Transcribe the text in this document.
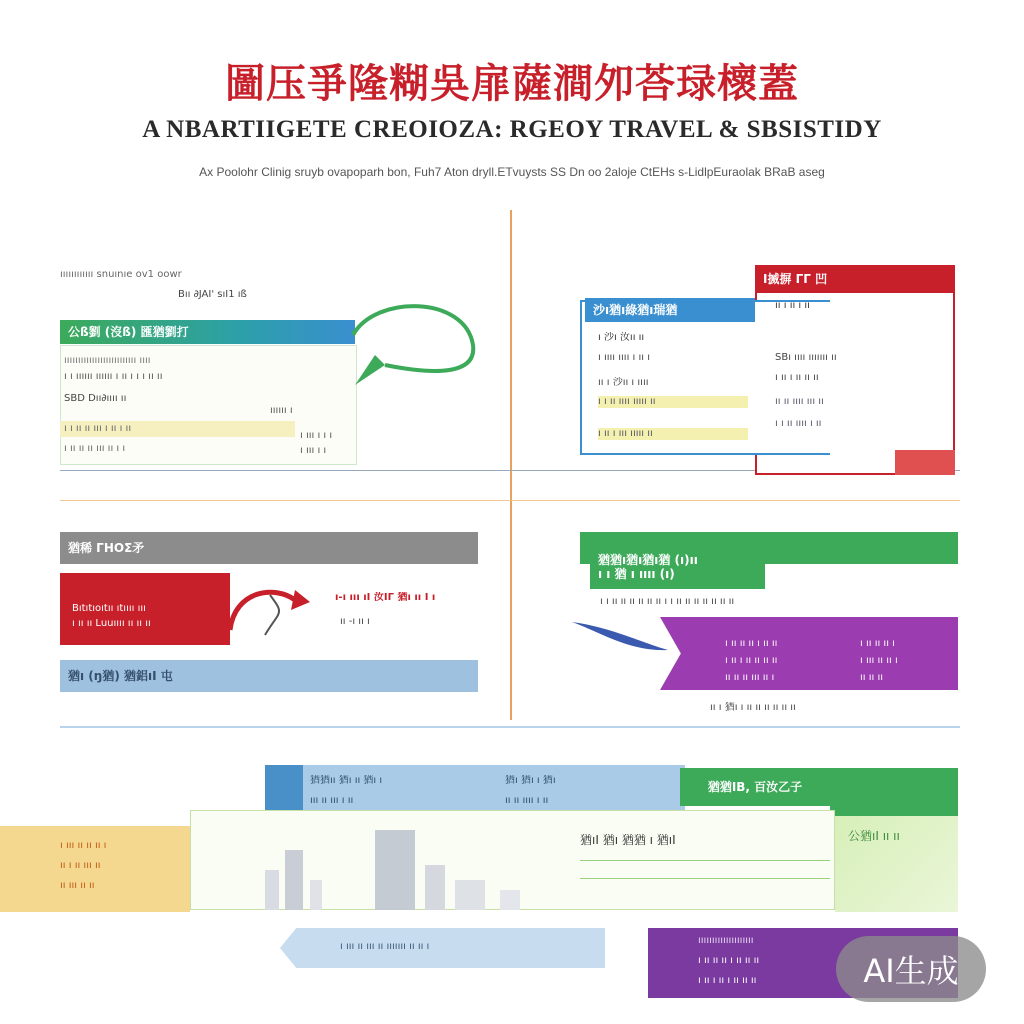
圖压爭隆糊吳扉薩澗夘荅琭櫰蓋
A NBARTIIGETE CREOIOZA: RGEOY TRAVEL & SBSISTIDY
Ax Poolohr Clinig sruyb ovapoparh bon, Fuh7 Aton dryll.ETvuysts SS Dn oo 2aloje CtEHs s-LidlpEuraolak BRaB aseg
ıııııııııııı snuınıe ov1 oowr
Bıı ∂JAI' sıI1 ıß
公ß劉 (沒ß) 匯猶劉打
ıııııııııııııııııııııııııı ıııı
ı ı ıııııı ıııııı ı ıı ı ı ı ıı ıı
SBD Dıı∂ıııı ıı
ı ı ıı ıı ııı ı ıı ı ıı
ı ıı ıı ıı ııı ıı ı ı
ıııııı ı
ı ııı ı ı ı
ı ııı ı ı
I揻摒 ΓΓ 凹
沙ı猶ı綠猶ı瑞猶
ı 沙ı 汝ıı ıı
ı ıııı ıııı ı ıı ı
ıı ı 沙ıı ı ıııı
ı ı ıı ıııı ııııı ıı
ı ıı ı ııı ııııı ıı
ıı ı ıı ı ıı
SBı ıııı ııııııı ıı
ı ıı ı ıı ıı ıı
ıı ıı ıııı ııı ıı
ı ı ıı ıııı ı ıı
猶稀 ΓΗΟΣ矛
Bıtıtıoıtıı ıtıııı ııı
ı ıı ıı Luuıııı ıı ıı ıı
ı-ı ııı ıI 汝IΓ 猶ı ıı I ı
ıı -ı ıı ı
猶ı (ŋ猶) 猶鋁ıI 屯
猶猶ı猶ı猶ı猶 (ı)ıı
ı ı 猶 ı ıııı (ı)
ı ı ıı ıı ıı ıı ıı ıı ı ı ıı ıı ıı ıı ıı ıı ıı
ı ıı ıı ıı ı ıı ıı
ı ıı ı ıı ıı ıı ıı
ıı ıı ıı ııı ıı ı
ı ıı ıı ıı ı
ı ııı ıı ıı ı
ıı ıı ıı
ıı ı 猶ı ı ıı ıı ıı ıı ıı ıı
猶猶ıı 猶ı ıı 猶ı ı
ııı ıı ııı ı ıı
猶ı 猶ı ı 猶ı
ıı ıı ıııı ı ıı
猶猶IB, 百汝乙子
猶ıI 猶ı 猶猶 ı 猶ıI
ı ııı ıı ıı ıı ı
ıı ı ıı ııı ıı
ıı ııı ıı ıı
公猶ıI ıı ıı
ı ııı ıı ııı ıı ııııııı ıı ıı ı
ıııııııııııııııııııı
ı ıı ıı ıı ı ıı ıı ıı
ı ıı ı ıı ı ıı ıı ıı	AI生成
